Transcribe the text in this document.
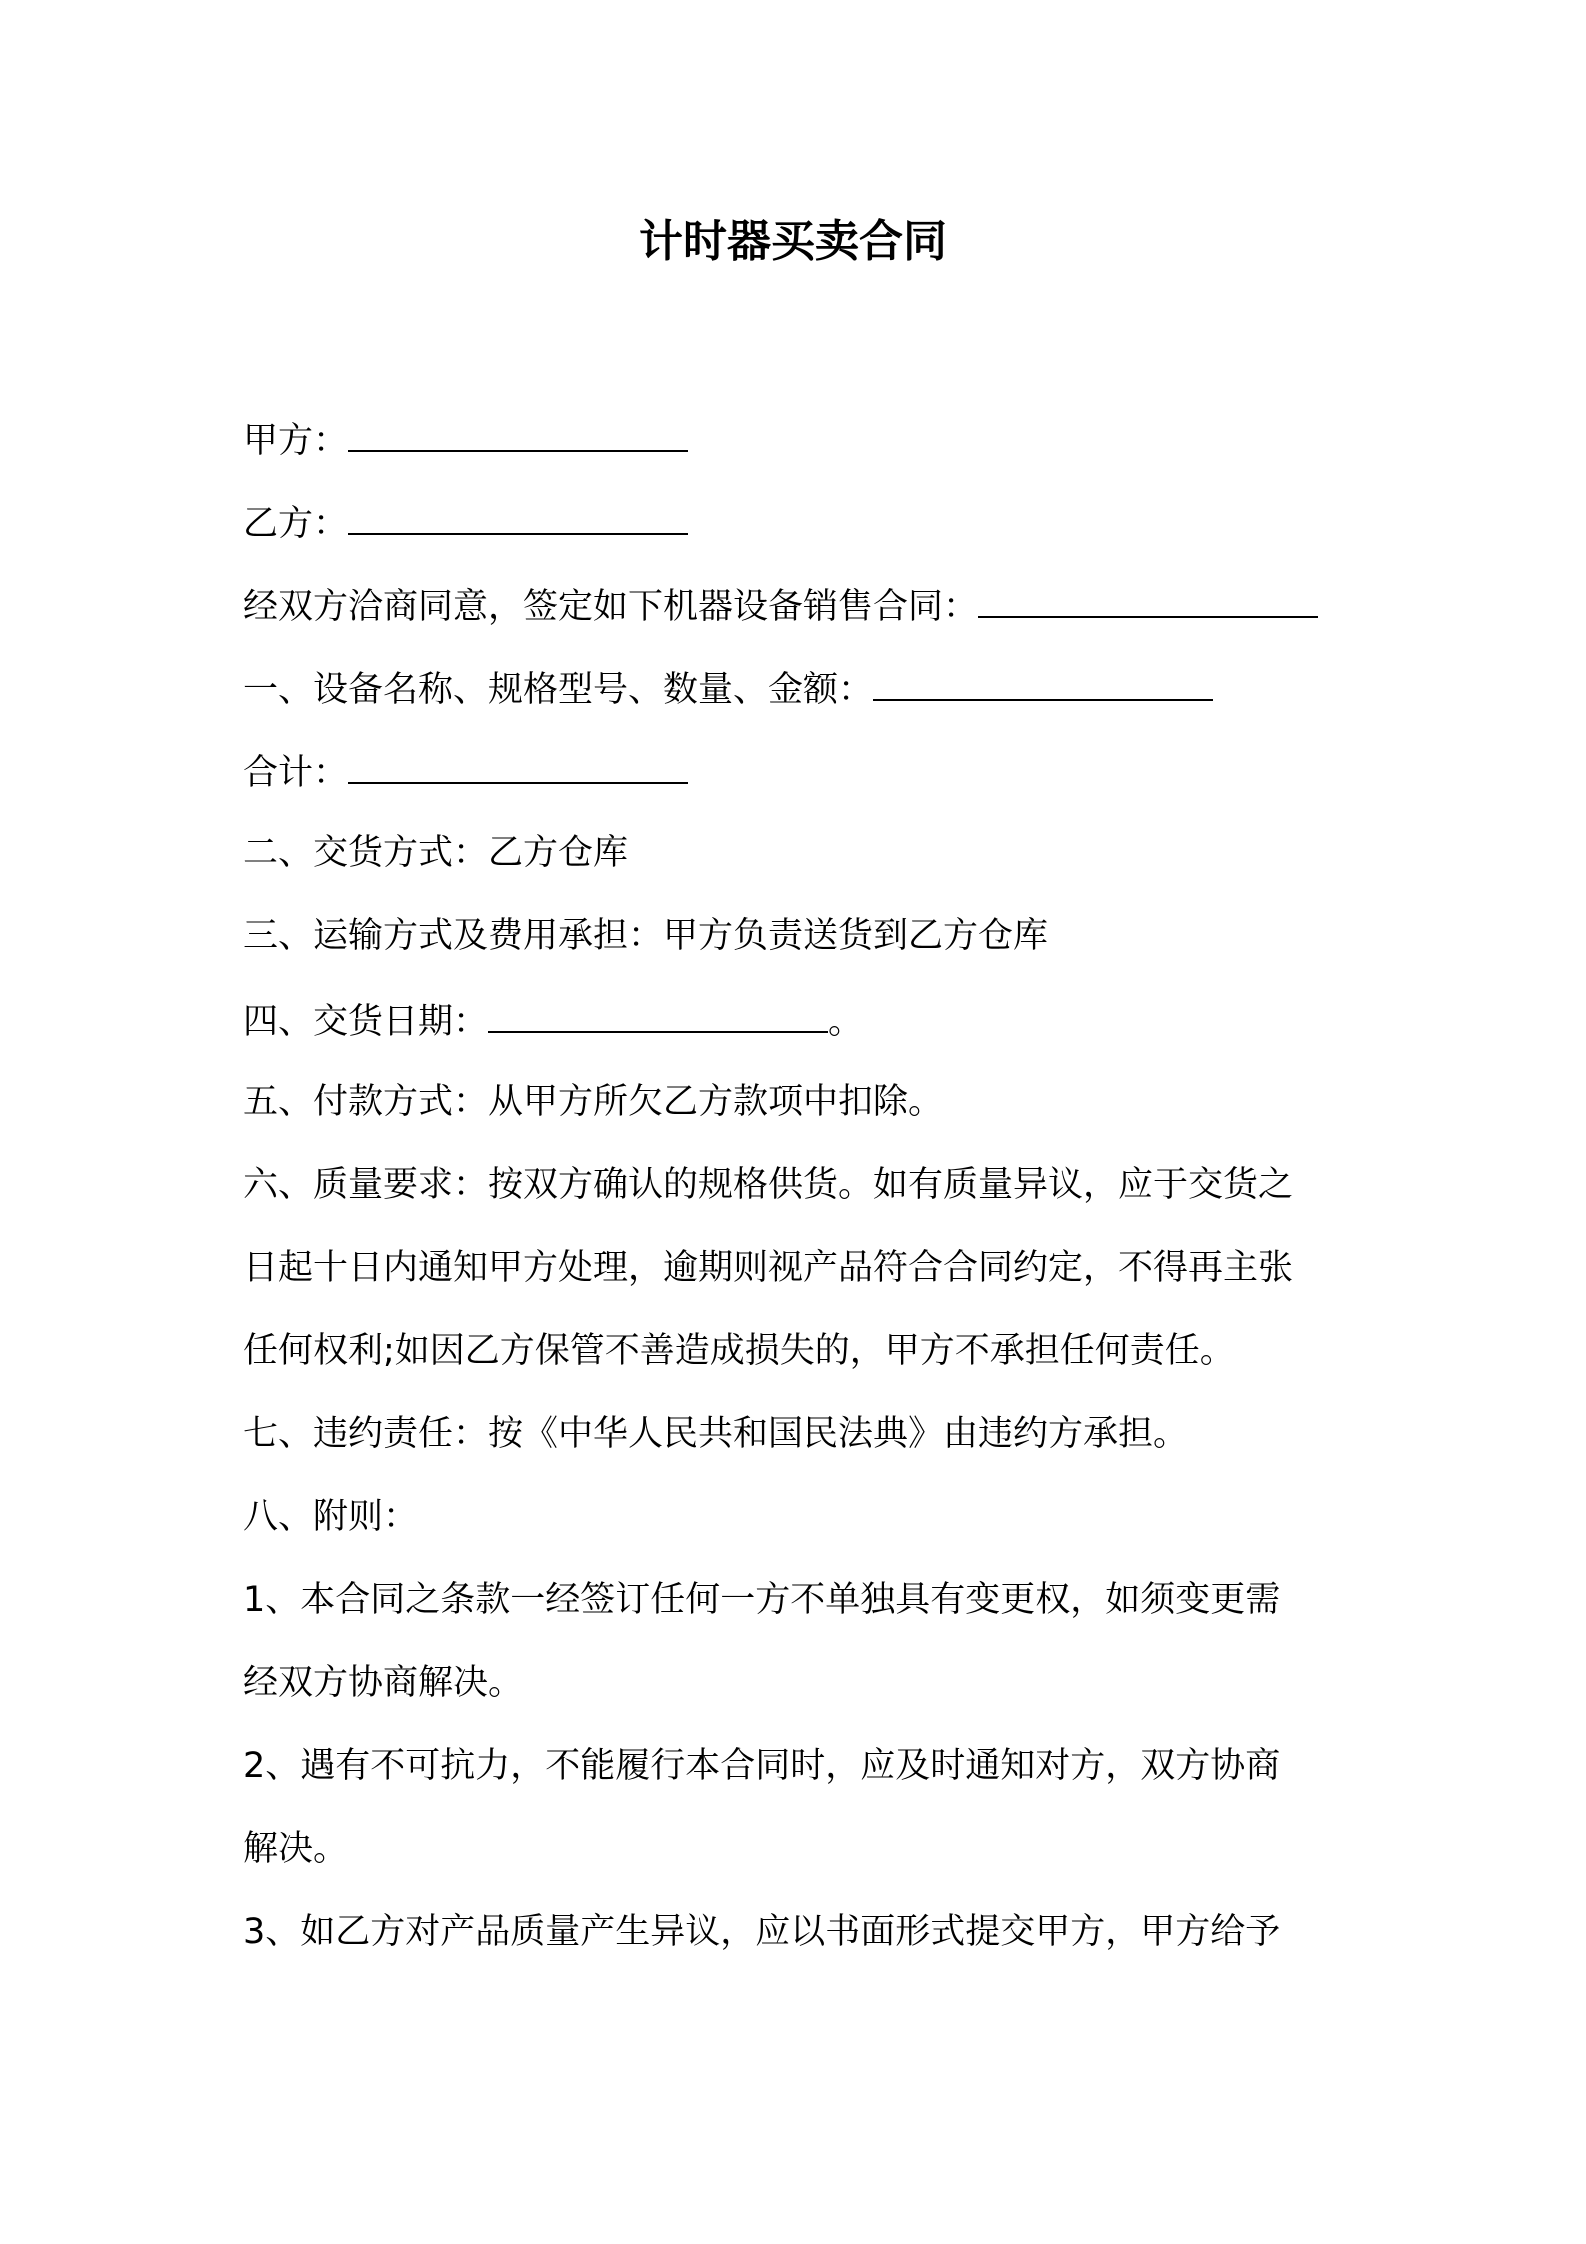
计时器买卖合同
甲方：
乙方：
经双方洽商同意，签定如下机器设备销售合同：
一、设备名称、规格型号、数量、金额：
合计：
二、交货方式：乙方仓库
三、运输方式及费用承担：甲方负责送货到乙方仓库
四、交货日期：	。
五、付款方式：从甲方所欠乙方款项中扣除。
六、质量要求：按双方确认的规格供货。如有质量异议，应于交货之
日起十日内通知甲方处理，逾期则视产品符合合同约定，不得再主张
任何权利;如因乙方保管不善造成损失的，甲方不承担任何责任。
七、违约责任：按《中华人民共和国民法典》由违约方承担。
八、附则：
1、本合同之条款一经签订任何一方不单独具有变更权，如须变更需
经双方协商解决。
2、遇有不可抗力，不能履行本合同时，应及时通知对方，双方协商
解决。
3、如乙方对产品质量产生异议，应以书面形式提交甲方，甲方给予
